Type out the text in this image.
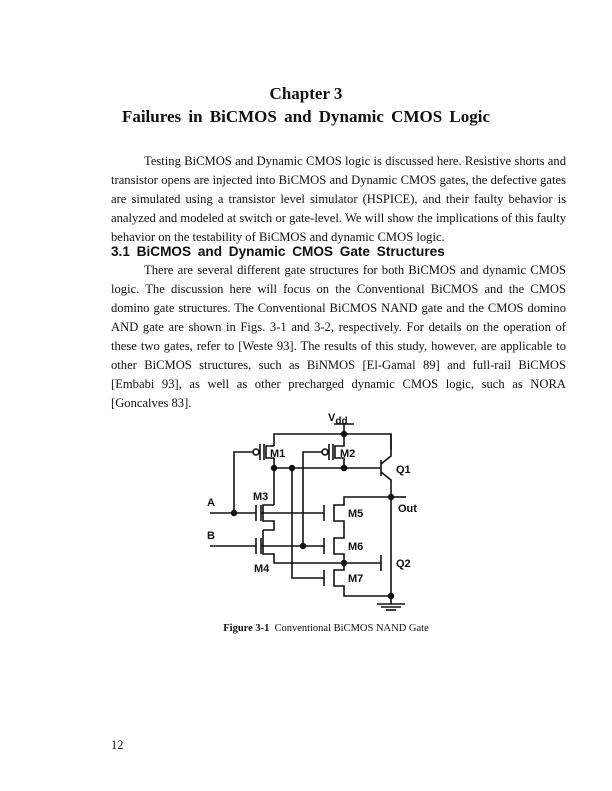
Chapter 3
Failures in BiCMOS and Dynamic CMOS Logic

Testing BiCMOS and Dynamic CMOS logic is discussed here. Resistive shorts and transistor opens are injected into BiCMOS and Dynamic CMOS gates, the defective gates are simulated using a transistor level simulator (HSPICE), and their faulty behavior is analyzed and modeled at switch or gate-level. We will show the implications of this faulty behavior on the testability of BiCMOS and dynamic CMOS logic.

3.1 BiCMOS and Dynamic CMOS Gate Structures

There are several different gate structures for both BiCMOS and dynamic CMOS logic. The discussion here will focus on the Conventional BiCMOS and the CMOS domino gate structures. The Conventional BiCMOS NAND gate and the CMOS domino AND gate are shown in Figs. 3-1 and 3-2, respectively. For details on the operation of these two gates, refer to [Weste 93]. The results of this study, however, are applicable to other BiCMOS structures, such as BiNMOS [El-Gamal 89] and full-rail BiCMOS [Embabi 93], as well as other precharged dynamic CMOS logic, such as NORA [Goncalves 83].

Vdd
M1	M2
Q1
M3
A
M4
B
M5
M6
M7
Out
Q2
Figure 3-1 Conventional BiCMOS NAND Gate
12
